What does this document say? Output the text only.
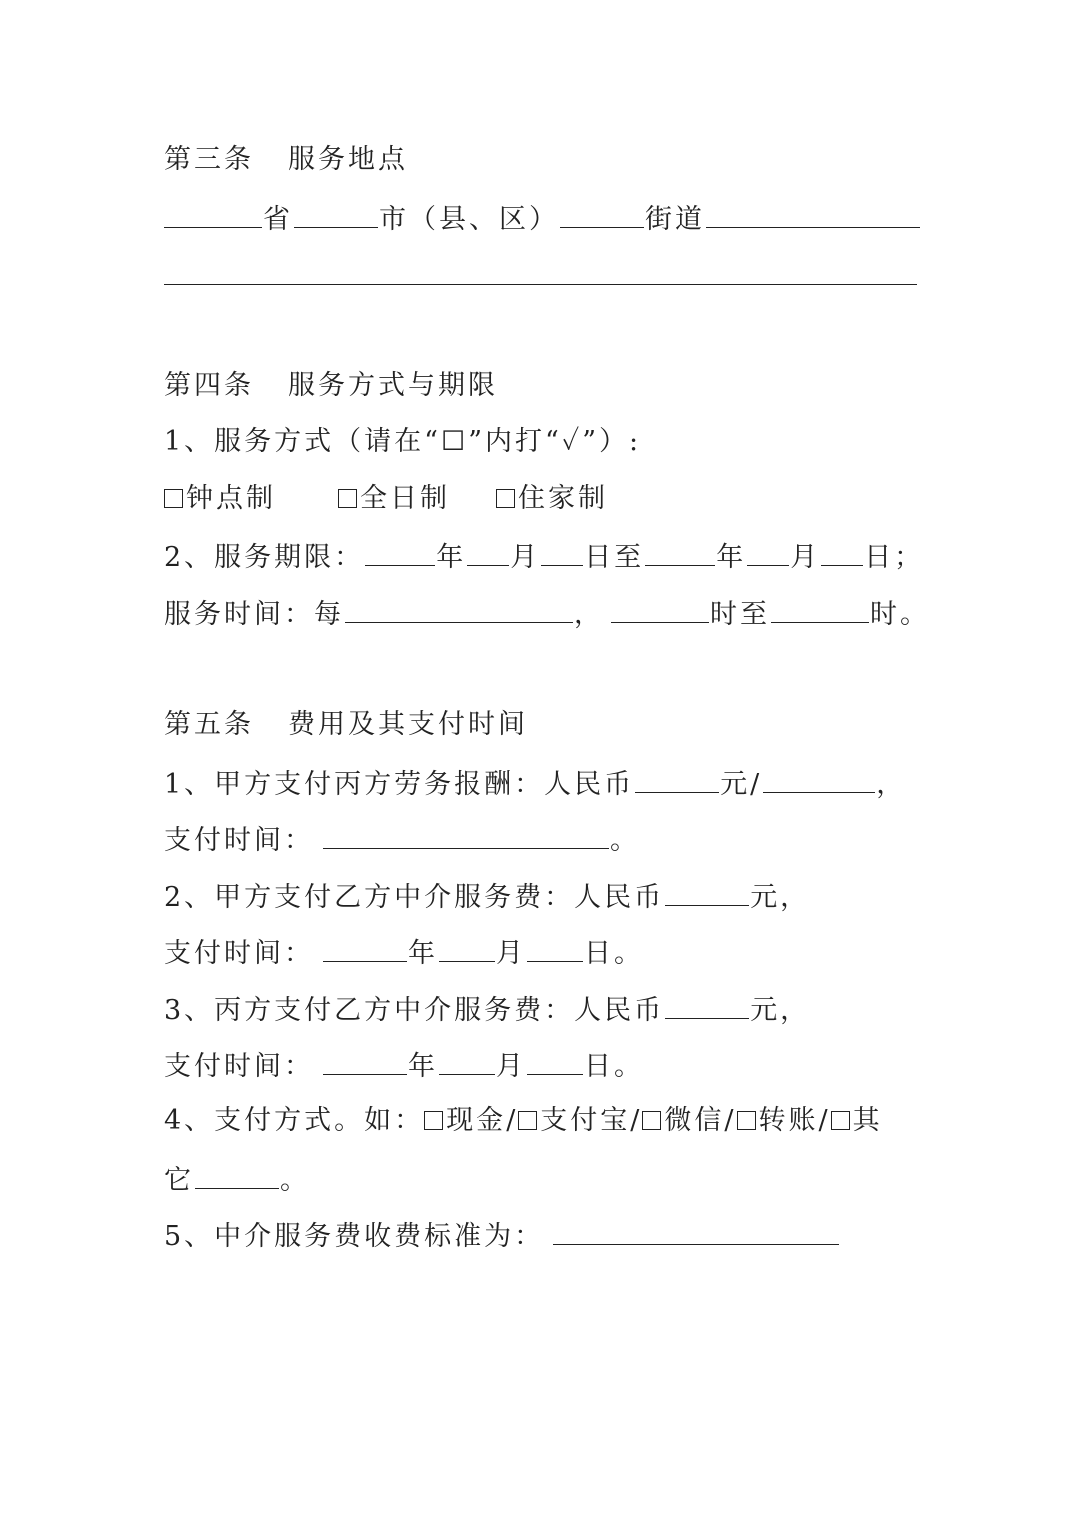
第三条 服务地点
省	市（县、区）	街道
第四条 服务方式与期限
1、服务方式（请在“☐”内打“✓”）:
钟点制	全日制	住家制
2、服务期限：	年 月 日至	年 月 日；
服务时间：每	，	时至	时。
第五条 费用及其支付时间
1、甲方支付丙方劳务报酬：人民币	元/	，
支付时间：	。
2、甲方支付乙方中介服务费：人民币	元，
支付时间：	年 月 日。
3、丙方支付乙方中介服务费：人民币	元，
支付时间：	年 月 日。
4、支付方式。如： 现金/ 支付宝/ 微信/ 转账/ 其
它	。
5、中介服务费收费标准为：
